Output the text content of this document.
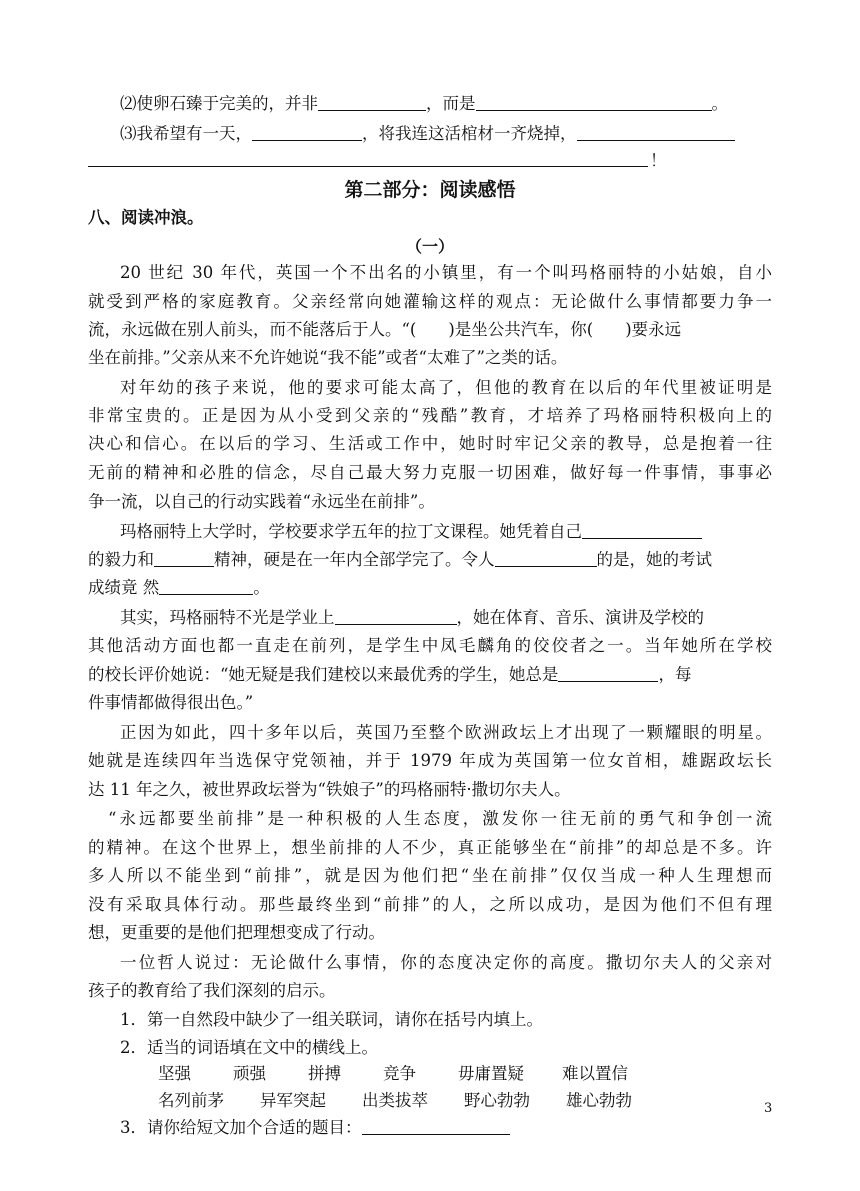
⑵使卵石臻于完美的，并非	，而是	。
⑶我希望有一天，	，将我连这活棺材一齐烧掉，
！
第二部分：阅读感悟
八、阅读冲浪。
（一）
20 世纪 30 年代，英国一个不出名的小镇里，有一个叫玛格丽特的小姑娘，自小
就受到严格的家庭教育。父亲经常向她灌输这样的观点：无论做什么事情都要力争一
流，永远做在别人前头，而不能落后于人。“( )是坐公共汽车，你( )要永远
坐在前排。”父亲从来不允许她说“我不能”或者“太难了”之类的话。
对年幼的孩子来说，他的要求可能太高了，但他的教育在以后的年代里被证明是
非常宝贵的。正是因为从小受到父亲的“残酷”教育，才培养了玛格丽特积极向上的
决心和信心。在以后的学习、生活或工作中，她时时牢记父亲的教导，总是抱着一往
无前的精神和必胜的信念，尽自己最大努力克服一切困难，做好每一件事情，事事必
争一流，以自己的行动实践着“永远坐在前排”。
玛格丽特上大学时，学校要求学五年的拉丁文课程。她凭着自己
的毅力和	精神，硬是在一年内全部学完了。令人	的是，她的考试
成绩竟 然	。
其实，玛格丽特不光是学业上	，她在体育、音乐、演讲及学校的
其他活动方面也都一直走在前列，是学生中凤毛麟角的佼佼者之一。当年她所在学校
的校长评价她说：“她无疑是我们建校以来最优秀的学生，她总是	，每
件事情都做得很出色。”
正因为如此，四十多年以后，英国乃至整个欧洲政坛上才出现了一颗耀眼的明星。
她就是连续四年当选保守党领袖，并于 1979 年成为英国第一位女首相，雄踞政坛长
达 11 年之久，被世界政坛誉为“铁娘子”的玛格丽特·撒切尔夫人。
“永远都要坐前排”是一种积极的人生态度，激发你一往无前的勇气和争创一流
的精神。在这个世界上，想坐前排的人不少，真正能够坐在“前排”的却总是不多。许
多人所以不能坐到“前排”，就是因为他们把“坐在前排”仅仅当成一种人生理想而
没有采取具体行动。那些最终坐到“前排”的人，之所以成功，是因为他们不但有理
想，更重要的是他们把理想变成了行动。
一位哲人说过：无论做什么事情，你的态度决定你的高度。撒切尔夫人的父亲对
孩子的教育给了我们深刻的启示。
1．第一自然段中缺少了一组关联词，请你在括号内填上。
2．适当的词语填在文中的横线上。
坚强	顽强	拼搏	竞争	毋庸置疑 难以置信
名列前茅 异军突起 出类拔萃 野心勃勃 雄心勃勃
3．请你给短文加个合适的题目：
3
